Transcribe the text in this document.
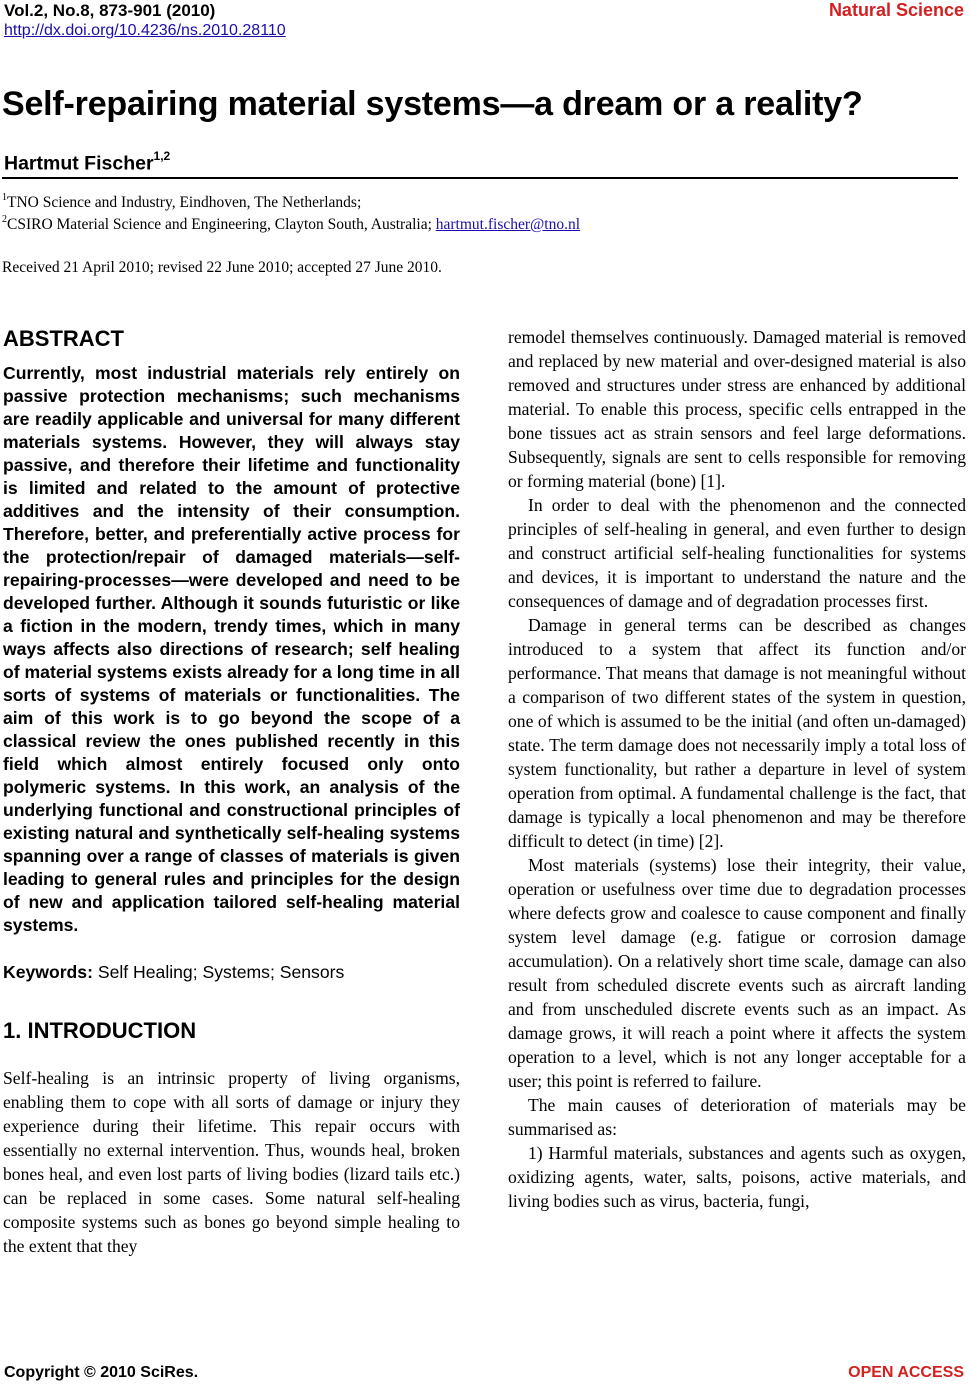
Vol.2, No.8, 873-901 (2010)
http://dx.doi.org/10.4236/ns.2010.28110
Natural Science
Self-repairing material systems—a dream or a reality?
Hartmut Fischer$^{1,2}$
$^1$TNO Science and Industry, Eindhoven, The Netherlands;
$^2$CSIRO Material Science and Engineering, Clayton South, Australia; hartmut.fischer@tno.nl
Received 21 April 2010; revised 22 June 2010; accepted 27 June 2010.
ABSTRACT

Currently, most industrial materials rely entirely on passive protection mechanisms; such mechanisms are readily applicable and universal for many different materials systems. However, they will always stay passive, and therefore their lifetime and functionality is limited and related to the amount of protective additives and the intensity of their consumption. Therefore, better, and preferentially active process for the protection/repair of damaged materials—self-repairing-processes—were developed and need to be developed further. Although it sounds futuristic or like a fiction in the modern, trendy times, which in many ways affects also directions of research; self healing of material systems exists already for a long time in all sorts of systems of materials or functionalities. The aim of this work is to go beyond the scope of a classical review the ones published recently in this field which almost entirely focused only onto polymeric systems. In this work, an analysis of the underlying functional and constructional principles of existing natural and synthetically self-healing systems spanning over a range of classes of materials is given leading to general rules and principles for the design of new and application tailored self-healing material systems.

Keywords: Self Healing; Systems; Sensors
1. INTRODUCTION

Self-healing is an intrinsic property of living organisms, enabling them to cope with all sorts of damage or injury they experience during their lifetime. This repair occurs with essentially no external intervention. Thus, wounds heal, broken bones heal, and even lost parts of living bodies (lizard tails etc.) can be replaced in some cases. Some natural self-healing composite systems such as bones go beyond simple healing to the extent that they

remodel themselves continuously. Damaged material is removed and replaced by new material and over-designed material is also removed and structures under stress are enhanced by additional material. To enable this process, specific cells entrapped in the bone tissues act as strain sensors and feel large deformations. Subsequently, signals are sent to cells responsible for removing or forming material (bone) [1].

In order to deal with the phenomenon and the connected principles of self-healing in general, and even further to design and construct artificial self-healing functionalities for systems and devices, it is important to understand the nature and the consequences of damage and of degradation processes first.

Damage in general terms can be described as changes introduced to a system that affect its function and/or performance. That means that damage is not meaningful without a comparison of two different states of the system in question, one of which is assumed to be the initial (and often un-damaged) state. The term damage does not necessarily imply a total loss of system functionality, but rather a departure in level of system operation from optimal. A fundamental challenge is the fact, that damage is typically a local phenomenon and may be therefore difficult to detect (in time) [2].

Most materials (systems) lose their integrity, their value, operation or usefulness over time due to degradation processes where defects grow and coalesce to cause component and finally system level damage (e.g. fatigue or corrosion damage accumulation). On a relatively short time scale, damage can also result from scheduled discrete events such as aircraft landing and from unscheduled discrete events such as an impact. As damage grows, it will reach a point where it affects the system operation to a level, which is not any longer acceptable for a user; this point is referred to failure.

The main causes of deterioration of materials may be summarised as:

1) Harmful materials, substances and agents such as oxygen, oxidizing agents, water, salts, poisons, active materials, and living bodies such as virus, bacteria, fungi,

Copyright © 2010 SciRes.	OPEN ACCESS
